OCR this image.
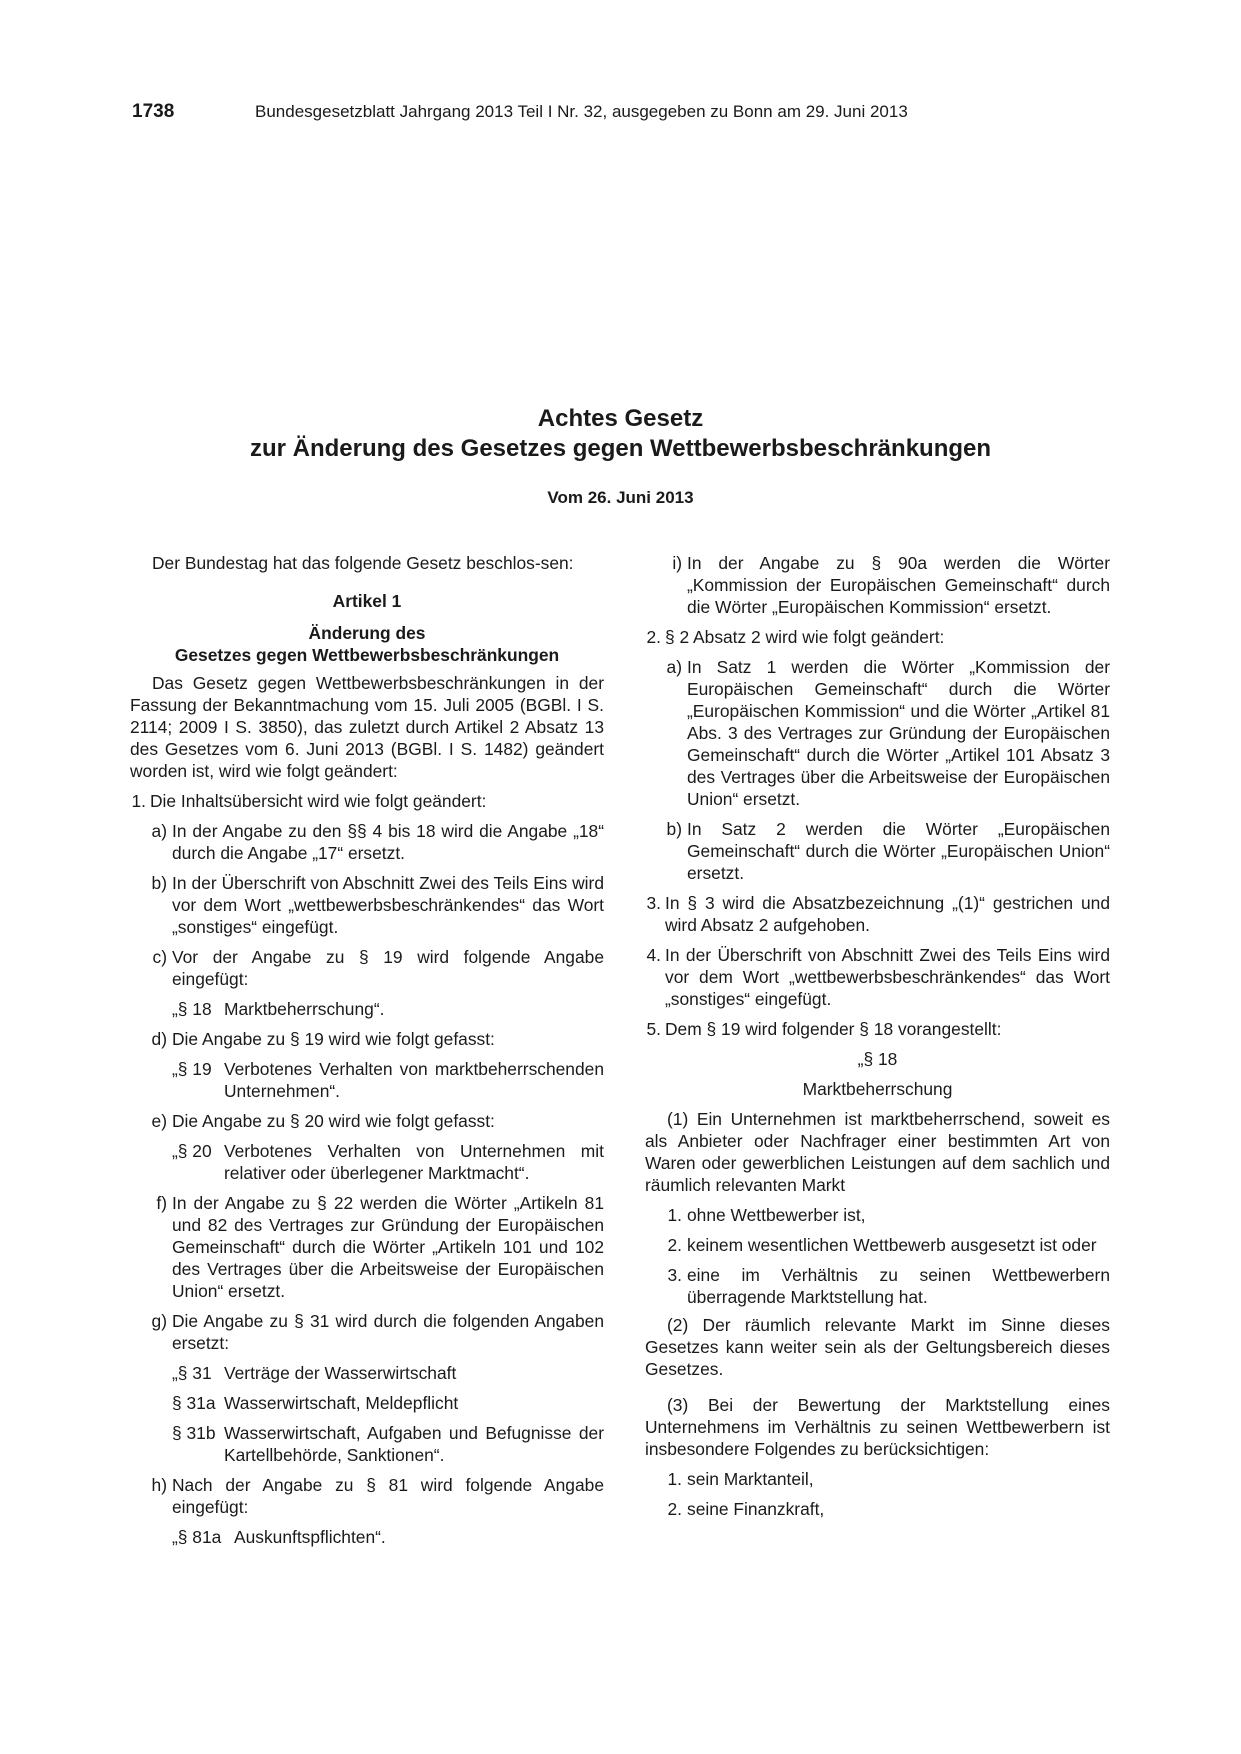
1738	Bundesgesetzblatt Jahrgang 2013 Teil I Nr. 32, ausgegeben zu Bonn am 29. Juni 2013
Achtes Gesetz
zur Änderung des Gesetzes gegen Wettbewerbsbeschränkungen
Vom 26. Juni 2013

Der Bundestag hat das folgende Gesetz beschlos-sen:

Artikel 1

Änderung des

Gesetzes gegen Wettbewerbsbeschränkungen

Das Gesetz gegen Wettbewerbsbeschränkungen in der Fassung der Bekanntmachung vom 15. Juli 2005 (BGBl. I S. 2114; 2009 I S. 3850), das zuletzt durch Artikel 2 Absatz 13 des Gesetzes vom 6. Juni 2013 (BGBl. I S. 1482) geändert worden ist, wird wie folgt geändert:

1. Die Inhaltsübersicht wird wie folgt geändert:
a) In der Angabe zu den §§ 4 bis 18 wird die Angabe „18“ durch die Angabe „17“ ersetzt.
b) In der Überschrift von Abschnitt Zwei des Teils Eins wird vor dem Wort „wettbewerbsbeschränkendes“ das Wort „sonstiges“ eingefügt.
c) Vor der Angabe zu § 19 wird folgende Angabe eingefügt:
„§ 18 Marktbeherrschung“.
d) Die Angabe zu § 19 wird wie folgt gefasst:
„§ 19 Verbotenes Verhalten von marktbeherrschenden Unternehmen“.
e) Die Angabe zu § 20 wird wie folgt gefasst:
„§ 20 Verbotenes Verhalten von Unternehmen mit relativer oder überlegener Marktmacht“.
f) In der Angabe zu § 22 werden die Wörter „Artikeln 81 und 82 des Vertrages zur Gründung der Europäischen Gemeinschaft“ durch die Wörter „Artikeln 101 und 102 des Vertrages über die Arbeitsweise der Europäischen Union“ ersetzt.
g) Die Angabe zu § 31 wird durch die folgenden Angaben ersetzt:
„§ 31 Verträge der Wasserwirtschaft
§ 31a Wasserwirtschaft, Meldepflicht
§ 31b Wasserwirtschaft, Aufgaben und Befugnisse der Kartellbehörde, Sanktionen“.
h) Nach der Angabe zu § 81 wird folgende Angabe eingefügt:
„§ 81a Auskunftspflichten“.
i) In der Angabe zu § 90a werden die Wörter „Kommission der Europäischen Gemeinschaft“ durch die Wörter „Europäischen Kommission“ ersetzt.
2. § 2 Absatz 2 wird wie folgt geändert:
a) In Satz 1 werden die Wörter „Kommission der Europäischen Gemeinschaft“ durch die Wörter „Europäischen Kommission“ und die Wörter „Artikel 81 Abs. 3 des Vertrages zur Gründung der Europäischen Gemeinschaft“ durch die Wörter „Artikel 101 Absatz 3 des Vertrages über die Arbeitsweise der Europäischen Union“ ersetzt.
b) In Satz 2 werden die Wörter „Europäischen Gemeinschaft“ durch die Wörter „Europäischen Union“ ersetzt.
3. In § 3 wird die Absatzbezeichnung „(1)“ gestrichen und wird Absatz 2 aufgehoben.
4. In der Überschrift von Abschnitt Zwei des Teils Eins wird vor dem Wort „wettbewerbsbeschränkendes“ das Wort „sonstiges“ eingefügt.
5. Dem § 19 wird folgender § 18 vorangestellt:

„§ 18

Marktbeherrschung

(1) Ein Unternehmen ist marktbeherrschend, soweit es als Anbieter oder Nachfrager einer bestimmten Art von Waren oder gewerblichen Leistungen auf dem sachlich und räumlich relevanten Markt

1. ohne Wettbewerber ist,
2. keinem wesentlichen Wettbewerb ausgesetzt ist oder
3. eine im Verhältnis zu seinen Wettbewerbern überragende Marktstellung hat.

(2) Der räumlich relevante Markt im Sinne dieses Gesetzes kann weiter sein als der Geltungsbereich dieses Gesetzes.

(3) Bei der Bewertung der Marktstellung eines Unternehmens im Verhältnis zu seinen Wettbewerbern ist insbesondere Folgendes zu berücksichtigen:

1. sein Marktanteil,
2. seine Finanzkraft,
